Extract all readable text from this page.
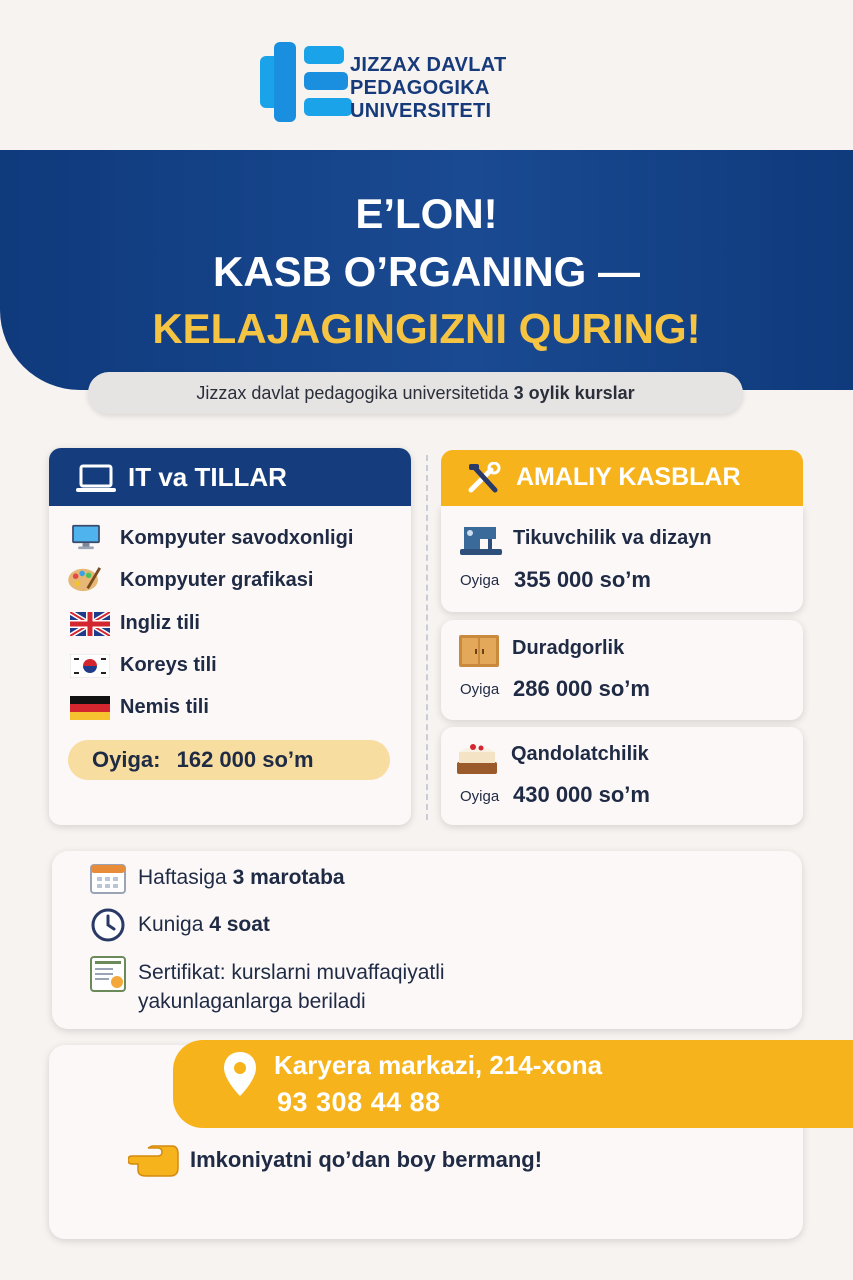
JIZZAX DAVLAT
PEDAGOGIKA
UNIVERSITETI
E’LON!
KASB O’RGANING —
KELAJAGINGIZNI QURING!
Jizzax davlat pedagogika universitetida 3 oylik kurslar
IT va TILLAR
Kompyuter savodxonligi
Kompyuter grafikasi
Ingliz tili
Koreys tili
Nemis tili
Oyiga: 162 000 so’m
AMALIY KASBLAR
Tikuvchilik va dizayn
Oyiga 355 000 so’m
Duradgorlik
Oyiga 286 000 so’m
Qandolatchilik
Oyiga 430 000 so’m
Haftasiga 3 marotaba
Kuniga 4 soat
Sertifikat: kurslarni muvaffaqiyatli
yakunlaganlarga beriladi
Karyera markazi, 214-xona
93 308 44 88
Imkoniyatni qo’dan boy bermang!
